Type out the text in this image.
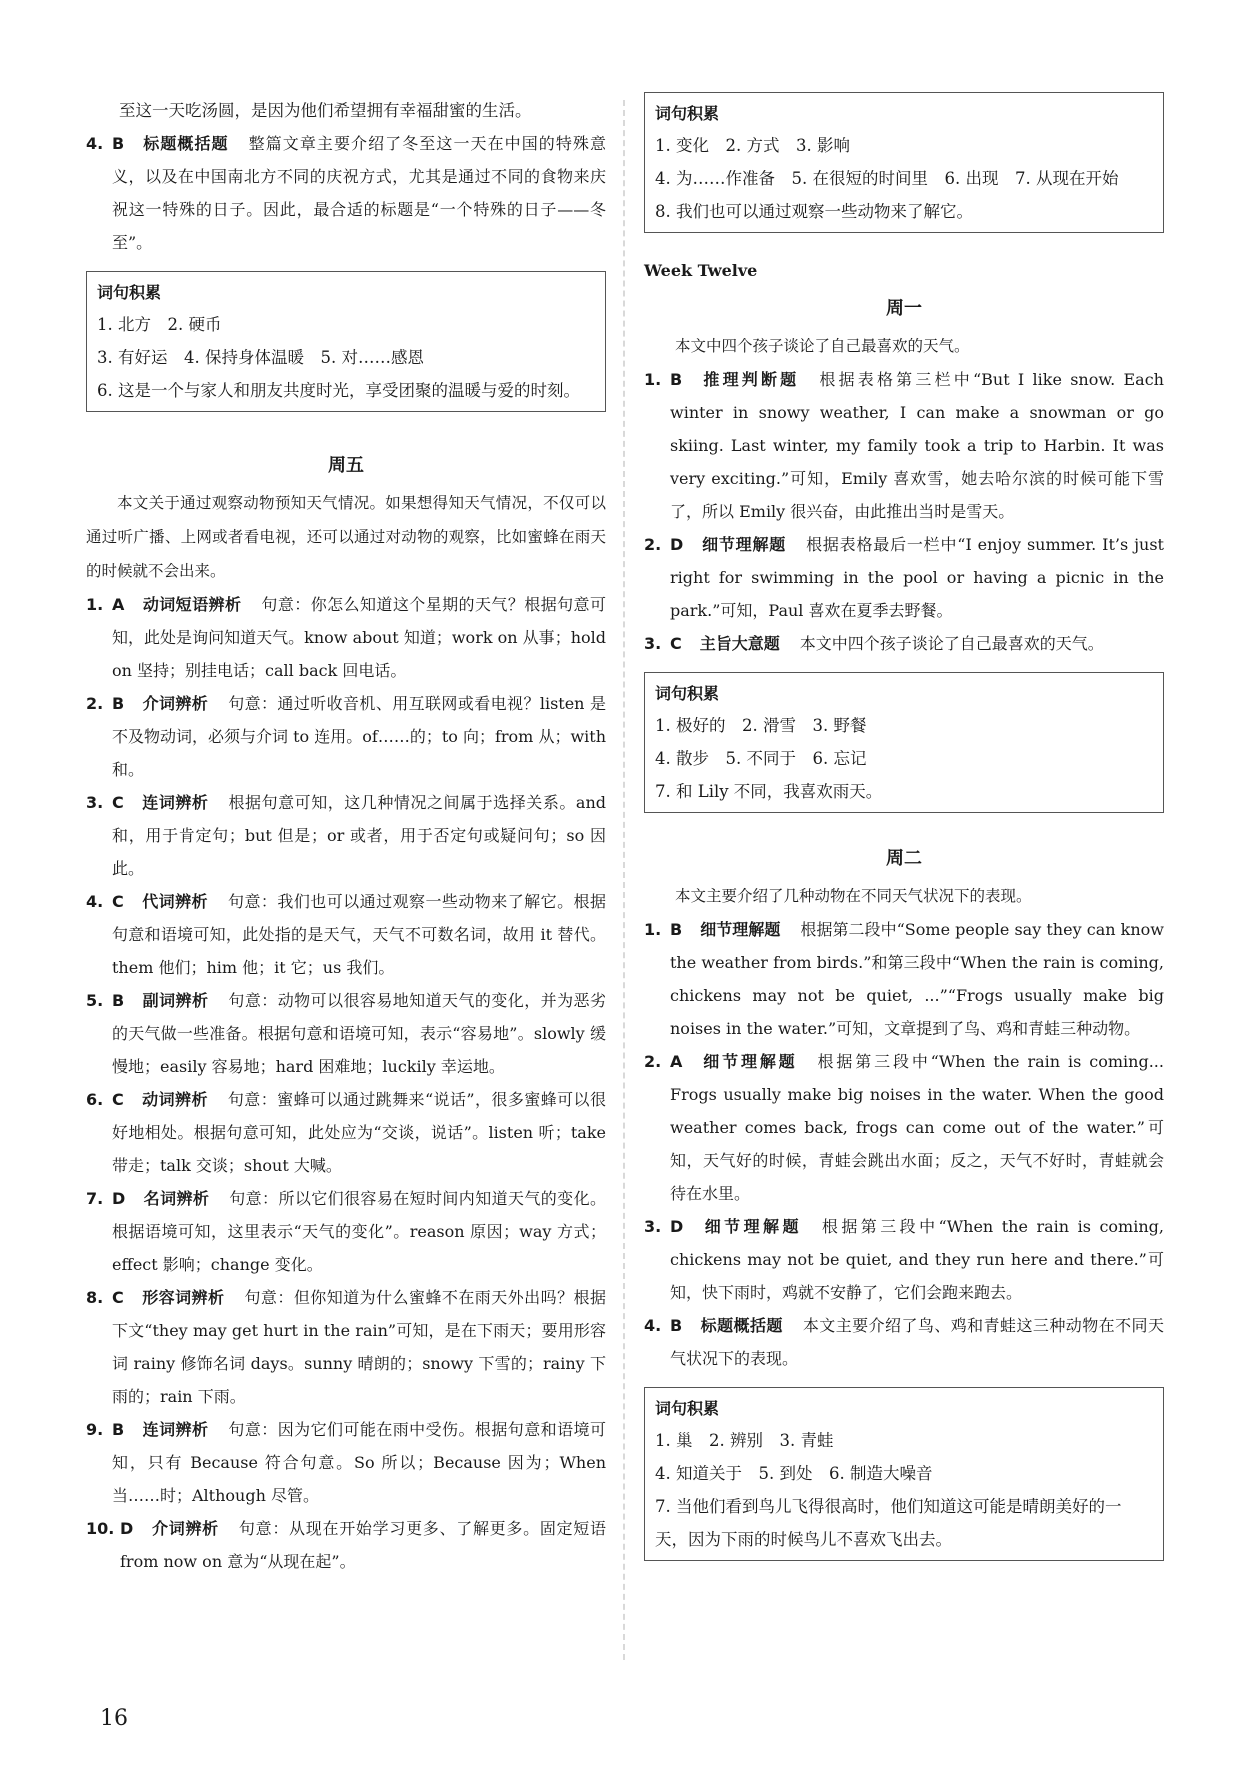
至这一天吃汤圆，是因为他们希望拥有幸福甜蜜的生活。
4. B 标题概括题 整篇文章主要介绍了冬至这一天在中国的特殊意义，以及在中国南北方不同的庆祝方式，尤其是通过不同的食物来庆祝这一特殊的日子。因此，最合适的标题是“一个特殊的日子——冬至”。
词句积累
1. 北方　2. 硬币
3. 有好运　4. 保持身体温暖　5. 对……感恩
6. 这是一个与家人和朋友共度时光，享受团聚的温暖与爱的时刻。
周五
本文关于通过观察动物预知天气情况。如果想得知天气情况，不仅可以通过听广播、上网或者看电视，还可以通过对动物的观察，比如蜜蜂在雨天的时候就不会出来。
1. A 动词短语辨析 句意：你怎么知道这个星期的天气？根据句意可知，此处是询问知道天气。know about 知道；work on 从事；hold on 坚持；别挂电话；call back 回电话。
2. B 介词辨析 句意：通过听收音机、用互联网或看电视？listen 是不及物动词，必须与介词 to 连用。of……的；to 向；from 从；with 和。
3. C 连词辨析 根据句意可知，这几种情况之间属于选择关系。and 和，用于肯定句；but 但是；or 或者，用于否定句或疑问句；so 因此。
4. C 代词辨析 句意：我们也可以通过观察一些动物来了解它。根据句意和语境可知，此处指的是天气，天气不可数名词，故用 it 替代。them 他们；him 他；it 它；us 我们。
5. B 副词辨析 句意：动物可以很容易地知道天气的变化，并为恶劣的天气做一些准备。根据句意和语境可知，表示“容易地”。slowly 缓慢地；easily 容易地；hard 困难地；luckily 幸运地。
6. C 动词辨析 句意：蜜蜂可以通过跳舞来“说话”，很多蜜蜂可以很好地相处。根据句意可知，此处应为“交谈，说话”。listen 听；take 带走；talk 交谈；shout 大喊。
7. D 名词辨析 句意：所以它们很容易在短时间内知道天气的变化。根据语境可知，这里表示“天气的变化”。reason 原因；way 方式；effect 影响；change 变化。
8. C 形容词辨析 句意：但你知道为什么蜜蜂不在雨天外出吗？根据下文“they may get hurt in the rain”可知，是在下雨天；要用形容词 rainy 修饰名词 days。sunny 晴朗的；snowy 下雪的；rainy 下雨的；rain 下雨。
9. B 连词辨析 句意：因为它们可能在雨中受伤。根据句意和语境可知，只有 Because 符合句意。So 所以；Because 因为；When 当……时；Although 尽管。
10. D 介词辨析 句意：从现在开始学习更多、了解更多。固定短语 from now on 意为“从现在起”。
词句积累
1. 变化　2. 方式　3. 影响
4. 为……作准备　5. 在很短的时间里　6. 出现　7. 从现在开始
8. 我们也可以通过观察一些动物来了解它。
Week Twelve
周一
本文中四个孩子谈论了自己最喜欢的天气。
1. B 推理判断题 根据表格第三栏中“But I like snow. Each winter in snowy weather, I can make a snowman or go skiing. Last winter, my family took a trip to Harbin. It was very exciting.”可知，Emily 喜欢雪，她去哈尔滨的时候可能下雪了，所以 Emily 很兴奋，由此推出当时是雪天。
2. D 细节理解题 根据表格最后一栏中“I enjoy summer. It’s just right for swimming in the pool or having a picnic in the park.”可知，Paul 喜欢在夏季去野餐。
3. C 主旨大意题 本文中四个孩子谈论了自己最喜欢的天气。
词句积累
1. 极好的　2. 滑雪　3. 野餐
4. 散步　5. 不同于　6. 忘记
7. 和 Lily 不同，我喜欢雨天。
周二
本文主要介绍了几种动物在不同天气状况下的表现。
1. B 细节理解题 根据第二段中“Some people say they can know the weather from birds.”和第三段中“When the rain is coming, chickens may not be quiet, ...”“Frogs usually make big noises in the water.”可知，文章提到了鸟、鸡和青蛙三种动物。
2. A 细节理解题 根据第三段中“When the rain is coming... Frogs usually make big noises in the water. When the good weather comes back, frogs can come out of the water.”可知，天气好的时候，青蛙会跳出水面；反之，天气不好时，青蛙就会待在水里。
3. D 细节理解题 根据第三段中“When the rain is coming, chickens may not be quiet, and they run here and there.”可知，快下雨时，鸡就不安静了，它们会跑来跑去。
4. B 标题概括题 本文主要介绍了鸟、鸡和青蛙这三种动物在不同天气状况下的表现。
词句积累
1. 巢　2. 辨别　3. 青蛙
4. 知道关于　5. 到处　6. 制造大噪音
7. 当他们看到鸟儿飞得很高时，他们知道这可能是晴朗美好的一天，因为下雨的时候鸟儿不喜欢飞出去。
16
